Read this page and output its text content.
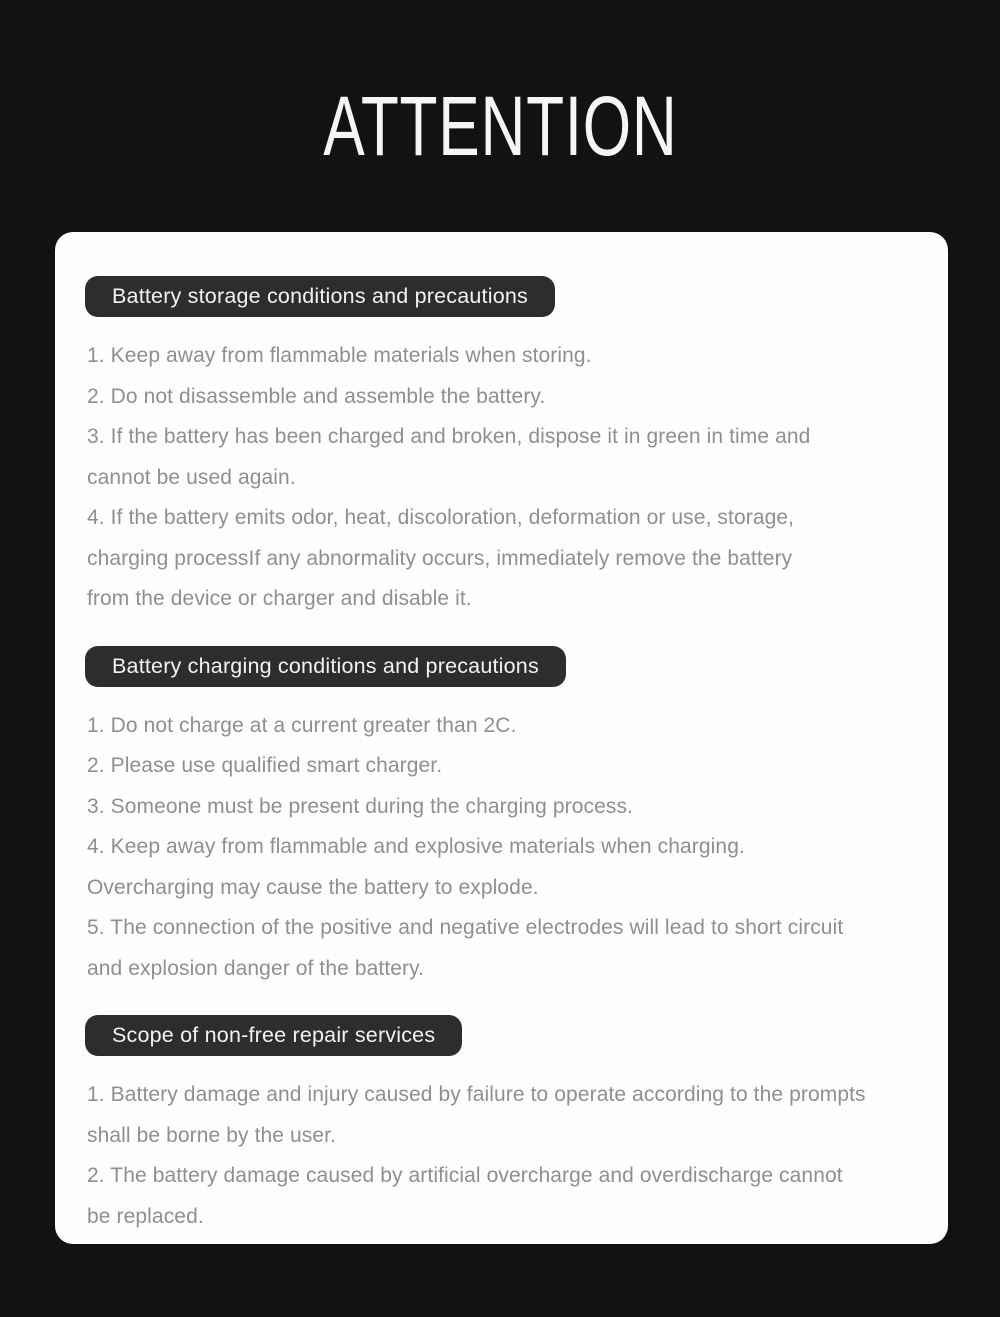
ATTENTION
Battery storage conditions and precautions
1. Keep away from flammable materials when storing.
2. Do not disassemble and assemble the battery.
3. If the battery has been charged and broken, dispose it in green in time and
cannot be used again.
4. If the battery emits odor, heat, discoloration, deformation or use, storage,
charging processIf any abnormality occurs, immediately remove the battery
from the device or charger and disable it.
Battery charging conditions and precautions
1. Do not charge at a current greater than 2C.
2. Please use qualified smart charger.
3. Someone must be present during the charging process.
4. Keep away from flammable and explosive materials when charging.
Overcharging may cause the battery to explode.
5. The connection of the positive and negative electrodes will lead to short circuit
and explosion danger of the battery.
Scope of non-free repair services
1. Battery damage and injury caused by failure to operate according to the prompts
shall be borne by the user.
2. The battery damage caused by artificial overcharge and overdischarge cannot
be replaced.
